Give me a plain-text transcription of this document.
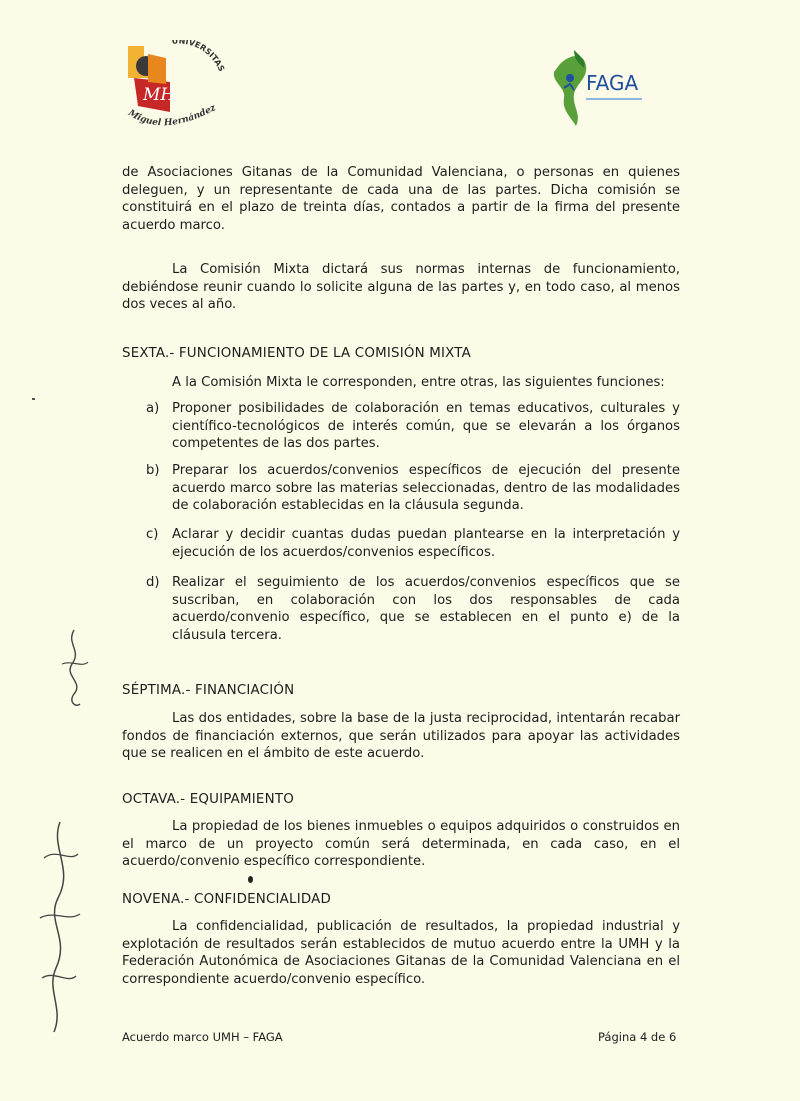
MH
UNIVERSITAS
Miguel Hernández
FAGA
de Asociaciones Gitanas de la Comunidad Valenciana, o personas en quienes deleguen, y un representante de cada una de las partes. Dicha comisión se constituirá en el plazo de treinta días, contados a partir de la firma del presente acuerdo marco.
La Comisión Mixta dictará sus normas internas de funcionamiento, debiéndose reunir cuando lo solicite alguna de las partes y, en todo caso, al menos dos veces al año.
SEXTA.- FUNCIONAMIENTO DE LA COMISIÓN MIXTA
A la Comisión Mixta le corresponden, entre otras, las siguientes funciones:
a) Proponer posibilidades de colaboración en temas educativos, culturales y científico-tecnológicos de interés común, que se elevarán a los órganos competentes de las dos partes.
b) Preparar los acuerdos/convenios específicos de ejecución del presente acuerdo marco sobre las materias seleccionadas, dentro de las modalidades de colaboración establecidas en la cláusula segunda.
c) Aclarar y decidir cuantas dudas puedan plantearse en la interpretación y ejecución de los acuerdos/convenios específicos.
d) Realizar el seguimiento de los acuerdos/convenios específicos que se suscriban, en colaboración con los dos responsables de cada acuerdo/convenio específico, que se establecen en el punto e) de la cláusula tercera.
SÉPTIMA.- FINANCIACIÓN
Las dos entidades, sobre la base de la justa reciprocidad, intentarán recabar fondos de financiación externos, que serán utilizados para apoyar las actividades que se realicen en el ámbito de este acuerdo.
OCTAVA.- EQUIPAMIENTO
La propiedad de los bienes inmuebles o equipos adquiridos o construidos en el marco de un proyecto común será determinada, en cada caso, en el acuerdo/convenio específico correspondiente.
NOVENA.- CONFIDENCIALIDAD
La confidencialidad, publicación de resultados, la propiedad industrial y explotación de resultados serán establecidos de mutuo acuerdo entre la UMH y la Federación Autonómica de Asociaciones Gitanas de la Comunidad Valenciana en el correspondiente acuerdo/convenio específico.
Acuerdo marco UMH – FAGA	Página 4 de 6
